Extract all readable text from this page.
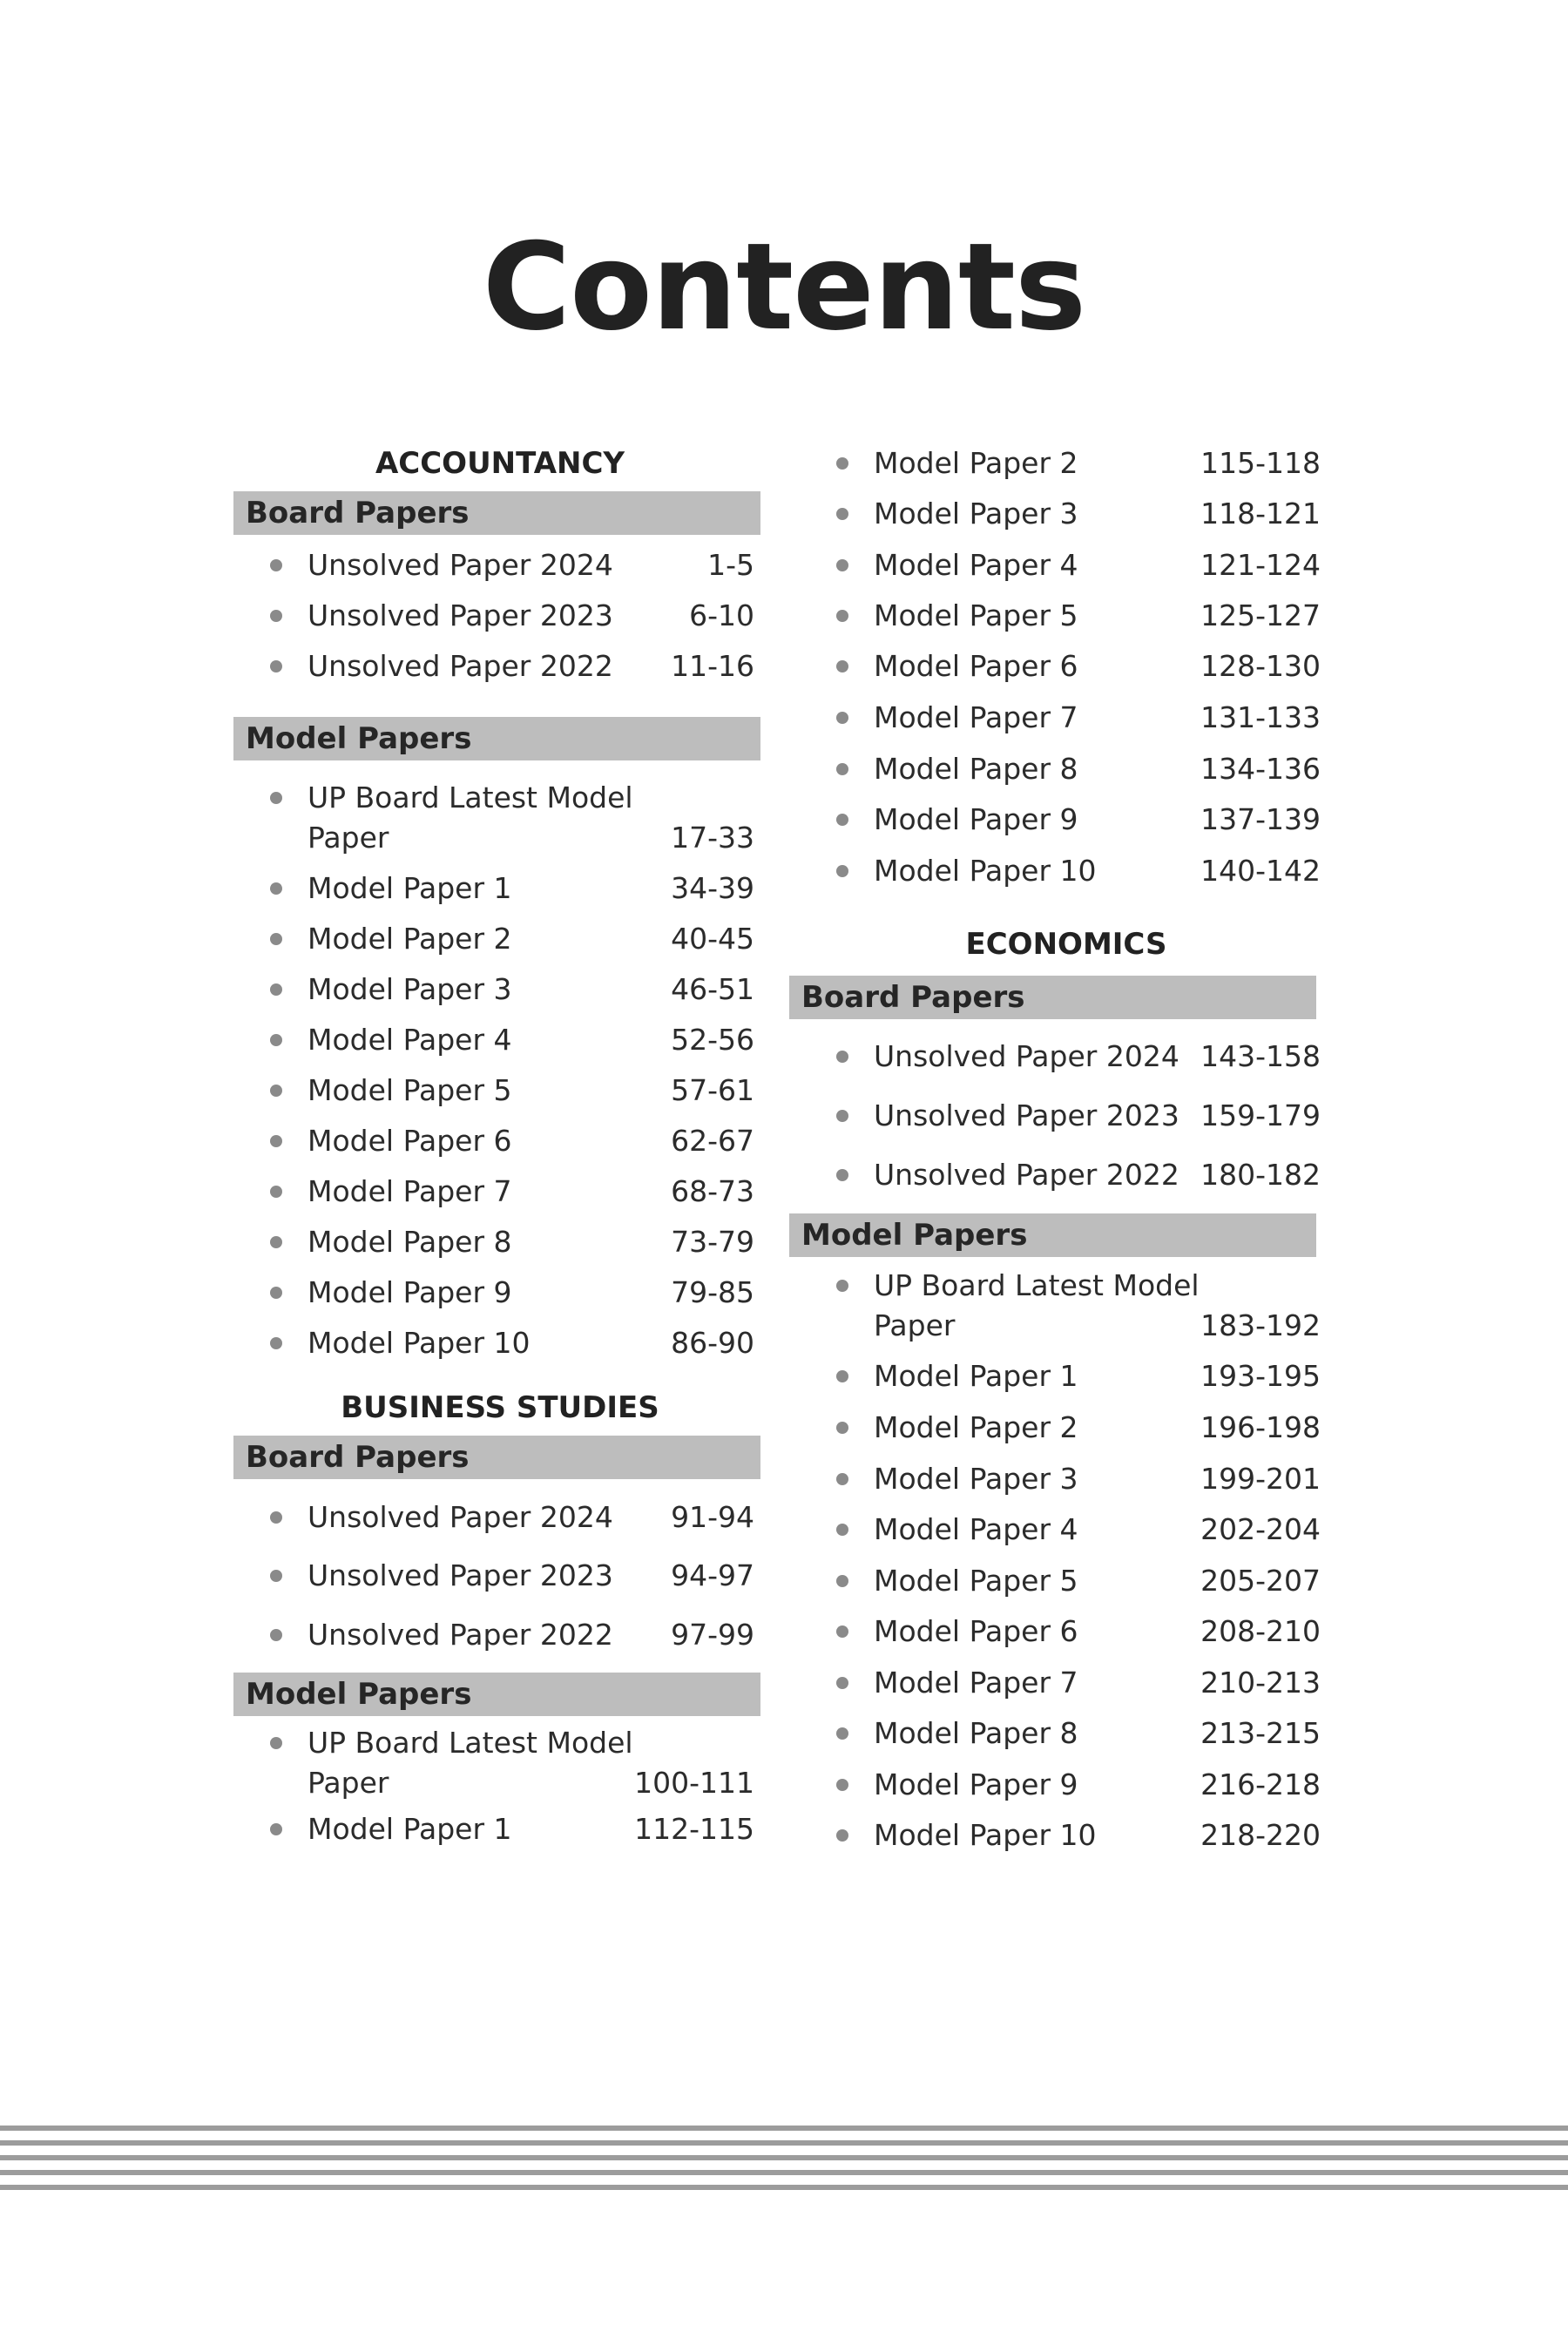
Contents
ACCOUNTANCY
Board Papers
Unsolved Paper 2024	1-5
Unsolved Paper 2023	6-10
Unsolved Paper 2022 11-16
Model Papers
UP Board Latest Model Paper	17-33
Model Paper 1	34-39
Model Paper 2	40-45
Model Paper 3	46-51
Model Paper 4	52-56
Model Paper 5	57-61
Model Paper 6	62-67
Model Paper 7	68-73
Model Paper 8	73-79
Model Paper 9	79-85
Model Paper 10	86-90
BUSINESS STUDIES
Board Papers
Unsolved Paper 2024 91-94
Unsolved Paper 2023 94-97
Unsolved Paper 2022 97-99
Model Papers
UP Board Latest Model Paper	100-111
Model Paper 1	112-115
Model Paper 2	115-118
Model Paper 3	118-121
Model Paper 4	121-124
Model Paper 5	125-127
Model Paper 6	128-130
Model Paper 7	131-133
Model Paper 8	134-136
Model Paper 9	137-139
Model Paper 10	140-142
ECONOMICS
Board Papers
Unsolved Paper 2024 143-158
Unsolved Paper 2023 159-179
Unsolved Paper 2022 180-182
Model Papers
UP Board Latest Model Paper	183-192
Model Paper 1	193-195
Model Paper 2	196-198
Model Paper 3	199-201
Model Paper 4	202-204
Model Paper 5	205-207
Model Paper 6	208-210
Model Paper 7	210-213
Model Paper 8	213-215
Model Paper 9	216-218
Model Paper 10	218-220
